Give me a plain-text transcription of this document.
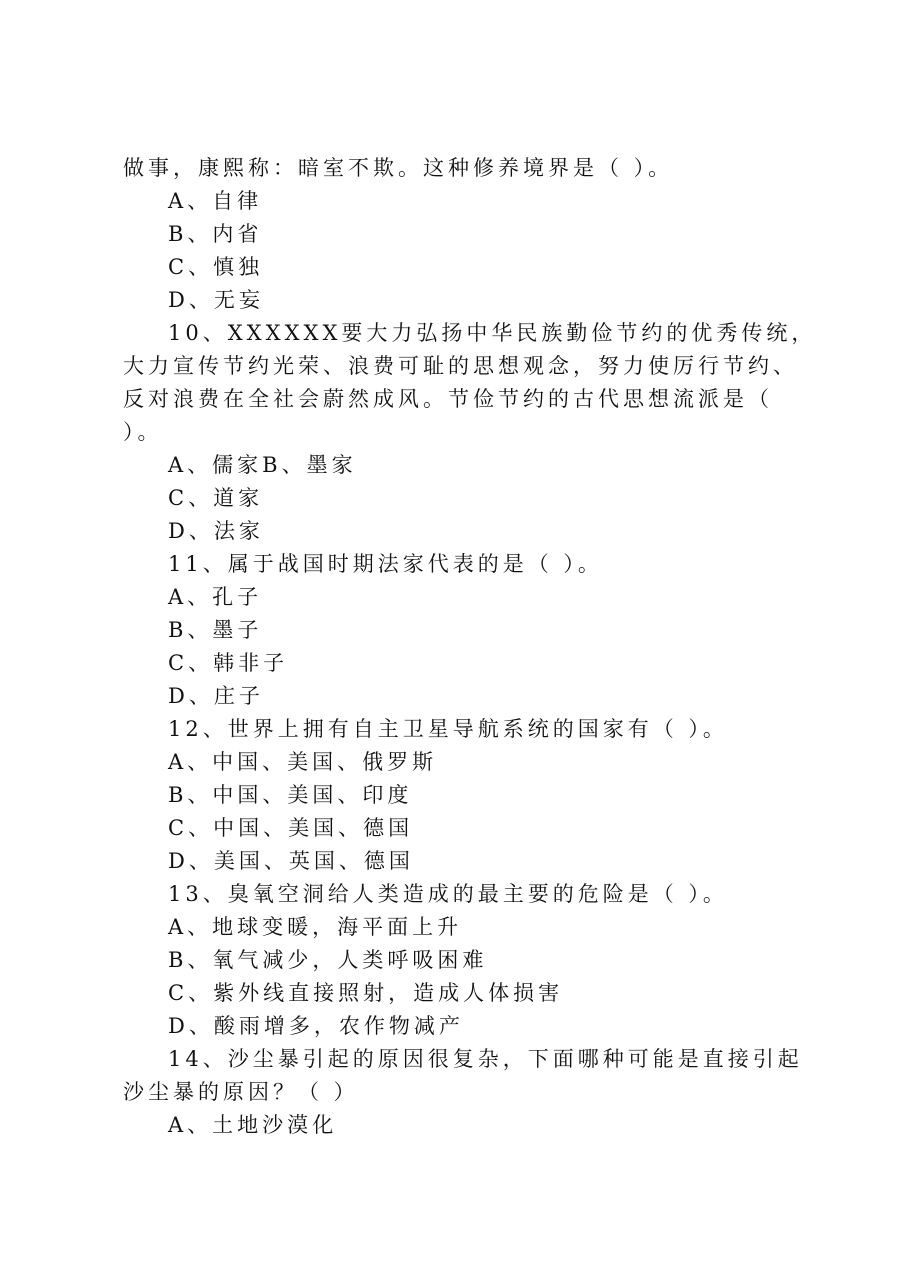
做事，康熙称：暗室不欺。这种修养境界是（ ）。
A、自律
B、内省
C、慎独
D、无妄
10、XXXXXX要大力弘扬中华民族勤俭节约的优秀传统，
大力宣传节约光荣、浪费可耻的思想观念，努力使厉行节约、
反对浪费在全社会蔚然成风。节俭节约的古代思想流派是（
）。
A、儒家B、墨家
C、道家
D、法家
11、属于战国时期法家代表的是（ ）。
A、孔子
B、墨子
C、韩非子
D、庄子
12、世界上拥有自主卫星导航系统的国家有（ ）。
A、中国、美国、俄罗斯
B、中国、美国、印度
C、中国、美国、德国
D、美国、英国、德国
13、臭氧空洞给人类造成的最主要的危险是（ ）。
A、地球变暖，海平面上升
B、氧气减少，人类呼吸困难
C、紫外线直接照射，造成人体损害
D、酸雨增多，农作物减产
14、沙尘暴引起的原因很复杂，下面哪种可能是直接引起
沙尘暴的原因？（ ）
A、土地沙漠化
